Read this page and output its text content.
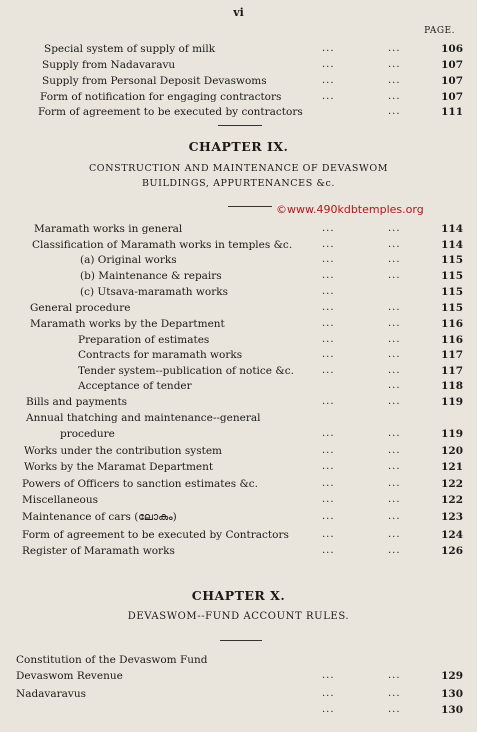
vi
PAGE.
Special system of supply of milk	...	...	106
Supply from Nadavaravu	...	...	107
Supply from Personal Deposit Devaswoms	...	...	107
Form of notification for engaging contractors	...	...	107
Form of agreement to be executed by contractors	...	111
CHAPTER IX.
CONSTRUCTION AND MAINTENANCE OF DEVASWOM
BUILDINGS, APPURTENANCES &c.
©www.490kdbtemples.org
Maramath works in general	...	...	114
Classification of Maramath works in temples &c.	...	...	114
(a) Original works	...	...	115
(b) Maintenance & repairs	...	...	115
(c) Utsava-maramath works	...	115
General procedure	...	...	115
Maramath works by the Department	...	...	116
Preparation of estimates	...	...	116
Contracts for maramath works	...	...	117
Tender system--publication of notice &c.	...	...	117
Acceptance of tender	...	118
Bills and payments	...	...	119
Annual thatching and maintenance--general
procedure	...	...	119
Works under the contribution system	...	...	120
Works by the Maramat Department	...	...	121
Powers of Officers to sanction estimates &c.	...	...	122
Miscellaneous	...	...	122
Maintenance of cars (ലോകം)	...	...	123
Form of agreement to be executed by Contractors	...	...	124
Register of Maramath works	...	...	126
CHAPTER X.
DEVASWOM--FUND ACCOUNT RULES.
Constitution of the Devaswom Fund
Devaswom Revenue	...	...	129
Nadavaravus	...	...	130
...	...	130
